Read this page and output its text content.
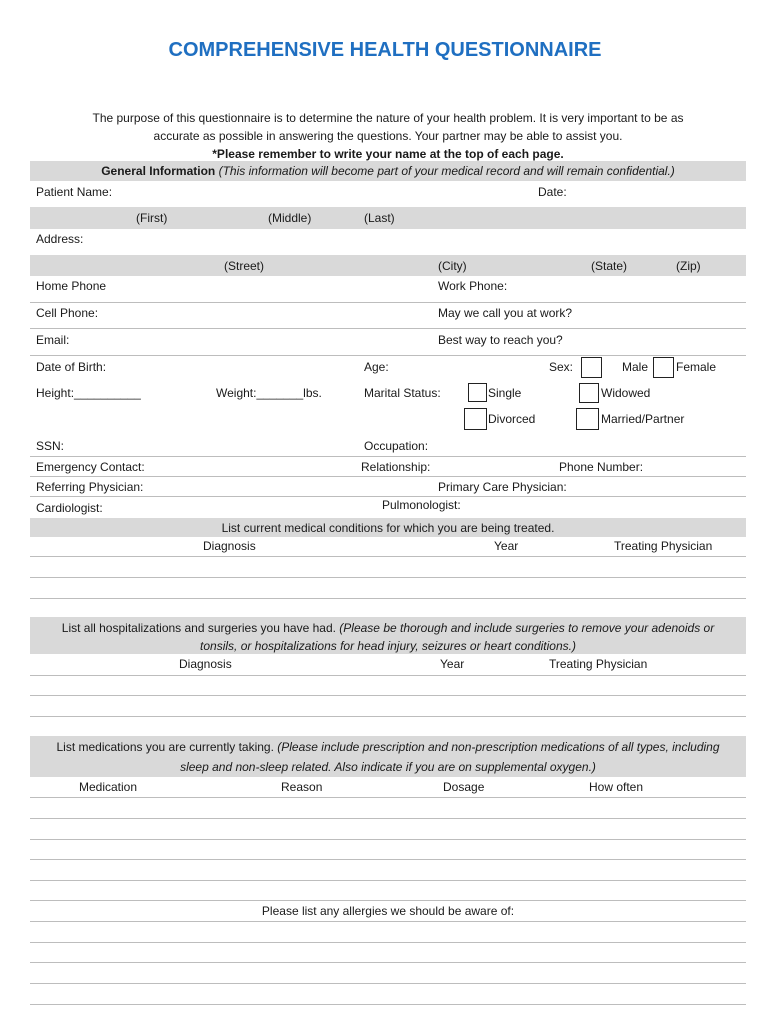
COMPREHENSIVE HEALTH QUESTIONNAIRE
The purpose of this questionnaire is to determine the nature of your health problem. It is very important to be as
accurate as possible in answering the questions. Your partner may be able to assist you.
*Please remember to write your name at the top of each page.
General Information (This information will become part of your medical record and will remain confidential.)
Patient Name:	Date:
(First)	(Middle)	(Last)
Address:
(Street)	(City)	(State)	(Zip)
Home Phone	Work Phone:
Cell Phone:	May we call you at work?
Email:	Best way to reach you?
Date of Birth:	Age:	Sex:	Male Female
Height:__________	Weight:_______lbs.	Marital Status:	Single	Widowed
Divorced	Married/Partner
SSN:	Occupation:
Emergency Contact:	Relationship:	Phone Number:
Referring Physician:	Primary Care Physician:
Cardiologist:	Pulmonologist:
List current medical conditions for which you are being treated.
Diagnosis	Year	Treating Physician
List all hospitalizations and surgeries you have had. (Please be thorough and include surgeries to remove your adenoids or
tonsils, or hospitalizations for head injury, seizures or heart conditions.)
Diagnosis	Year	Treating Physician
List medications you are currently taking. (Please include prescription and non-prescription medications of all types, including
sleep and non-sleep related. Also indicate if you are on supplemental oxygen.)
Medication	Reason	Dosage	How often
Please list any allergies we should be aware of:
